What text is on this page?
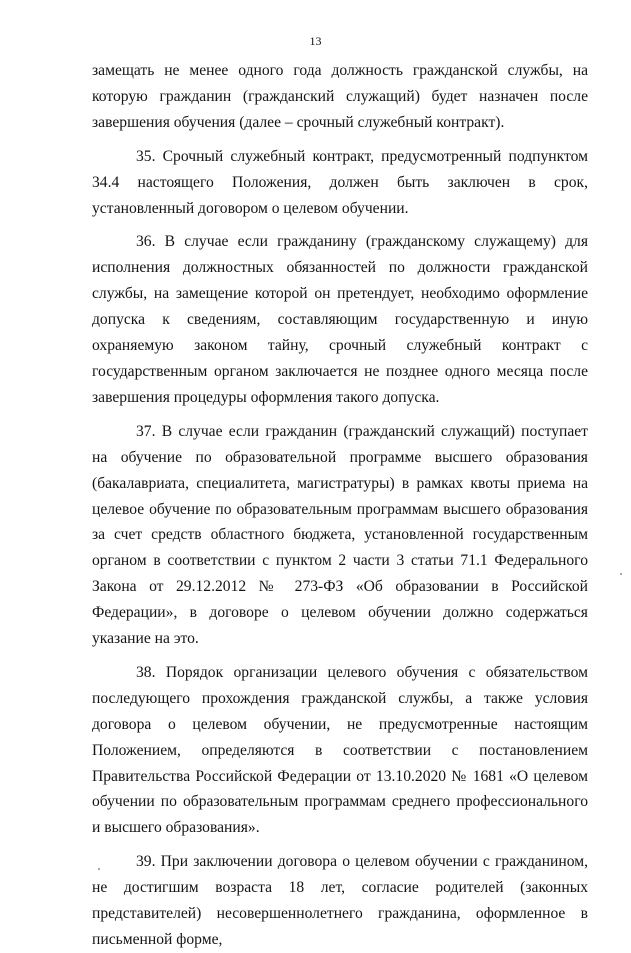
13

замещать не менее одного года должность гражданской службы, на которую гражданин (гражданский служащий) будет назначен после завершения обучения (далее – срочный служебный контракт).

35. Срочный служебный контракт, предусмотренный подпунктом 34.4 настоящего Положения, должен быть заключен в срок, установленный договором о целевом обучении.

36. В случае если гражданину (гражданскому служащему) для исполнения должностных обязанностей по должности гражданской службы, на замещение которой он претендует, необходимо оформление допуска к сведениям, составляющим государственную и иную охраняемую законом тайну, срочный служебный контракт с государственным органом заключается не позднее одного месяца после завершения процедуры оформления такого допуска.

37. В случае если гражданин (гражданский служащий) поступает на обучение по образовательной программе высшего образования (бакалавриата, специалитета, магистратуры) в рамках квоты приема на целевое обучение по образовательным программам высшего образования за счет средств областного бюджета, установленной государственным органом в соответствии с пунктом 2 части 3 статьи 71.1 Федерального Закона от 29.12.2012 № 273-ФЗ «Об образовании в Российской Федерации», в договоре о целевом обучении должно содержаться указание на это.

38. Порядок организации целевого обучения с обязательством последующего прохождения гражданской службы, а также условия договора о целевом обучении, не предусмотренные настоящим Положением, определяются в соответствии с постановлением Правительства Российской Федерации от 13.10.2020 № 1681 «О целевом обучении по образовательным программам среднего профессионального и высшего образования».

39. При заключении договора о целевом обучении с гражданином, не достигшим возраста 18 лет, согласие родителей (законных представителей) несовершеннолетнего гражданина, оформленное в письменной форме,
